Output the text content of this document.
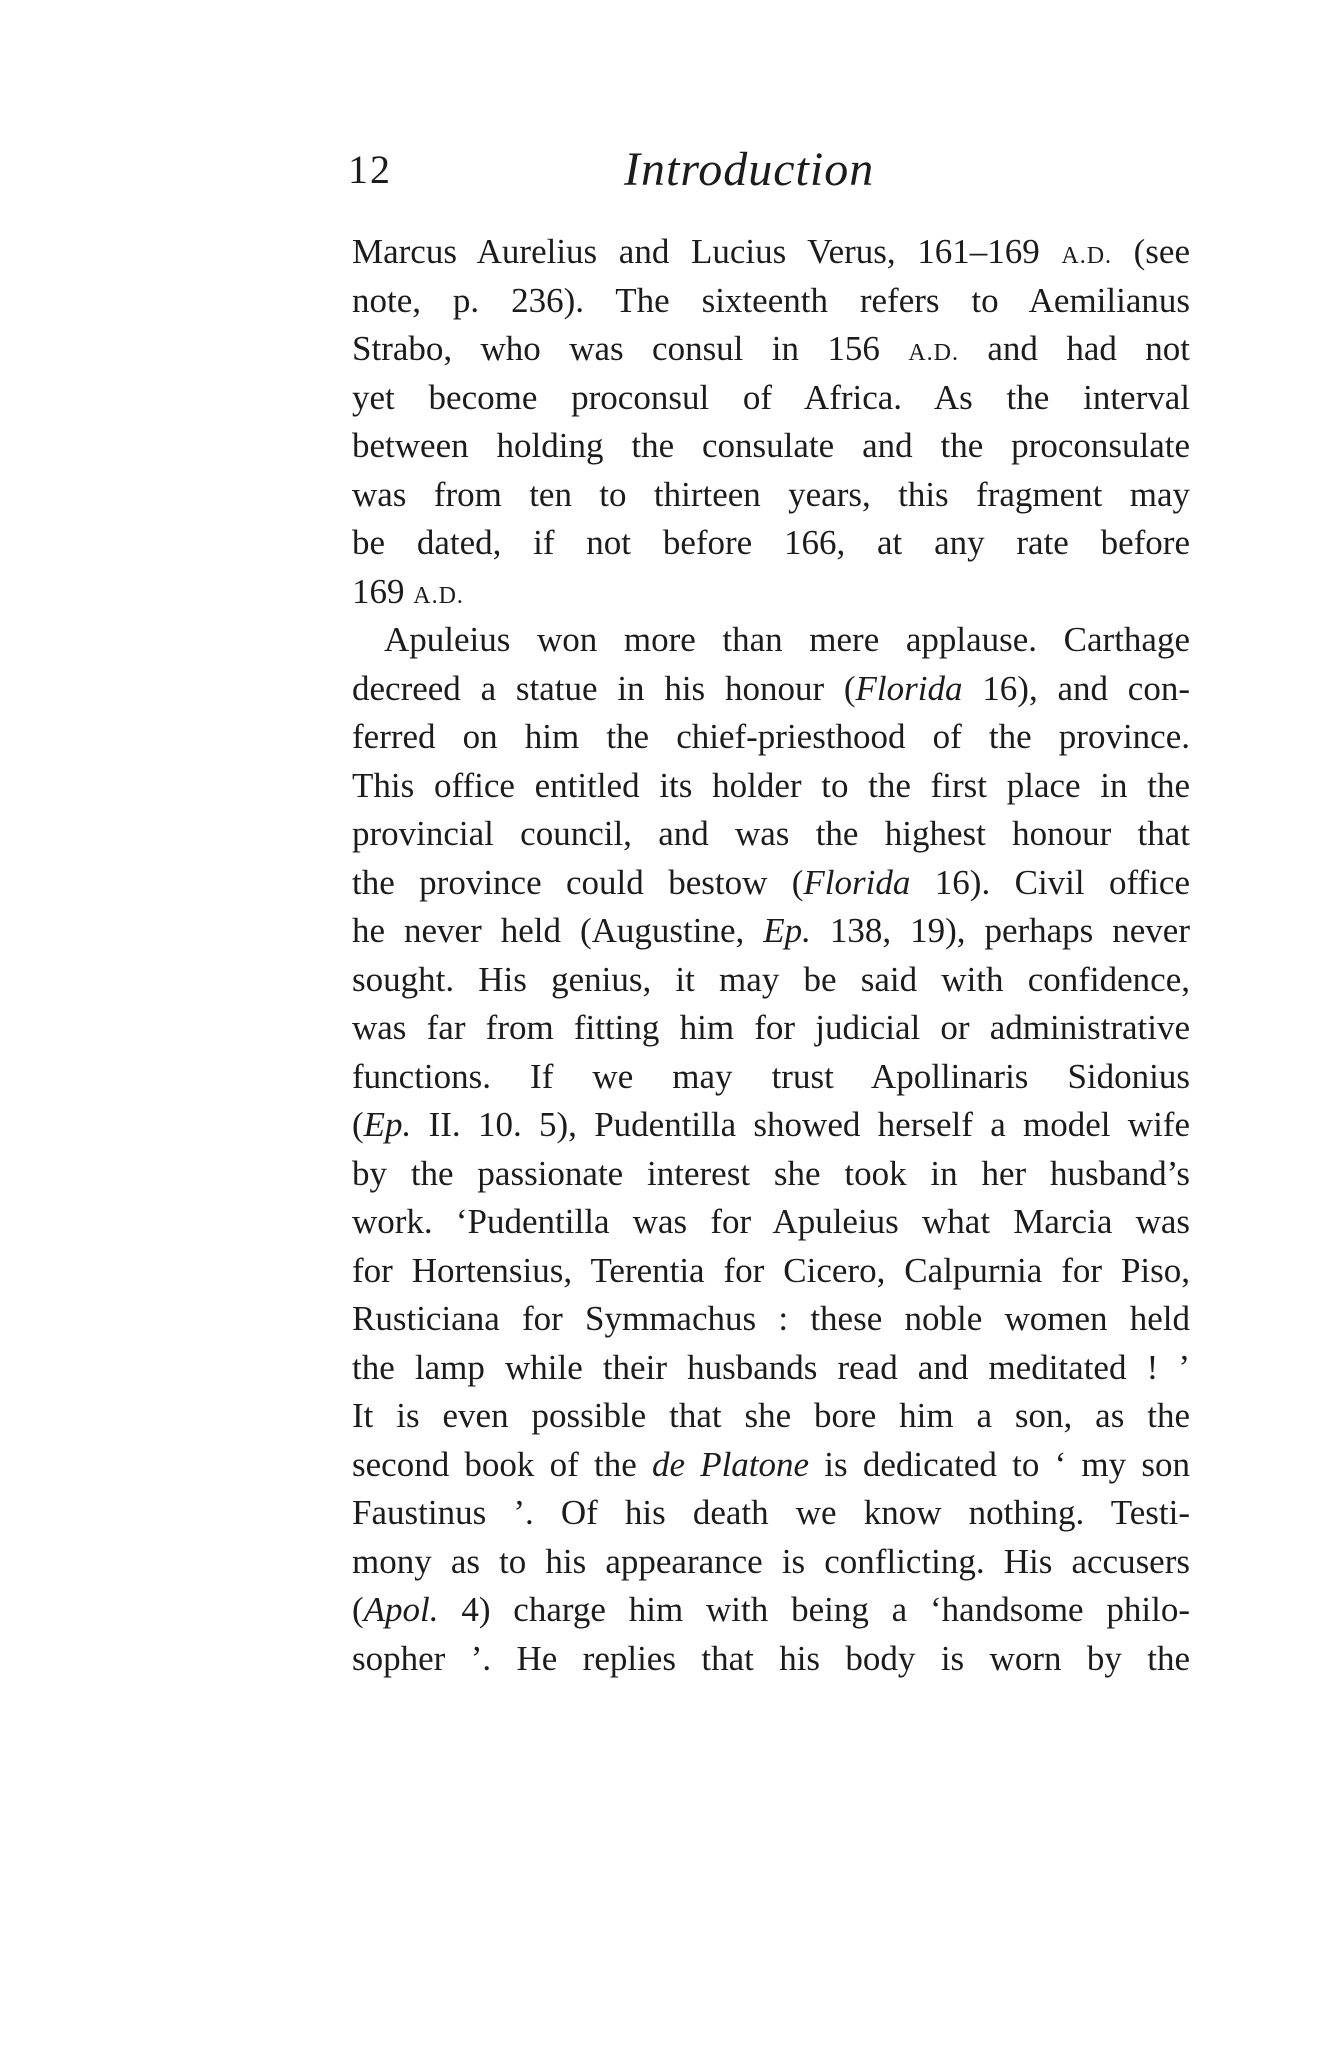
12	Introduction
Marcus Aurelius and Lucius Verus, 161–169 A.D. (see
note, p. 236). The sixteenth refers to Aemilianus
Strabo, who was consul in 156 A.D. and had not
yet become proconsul of Africa. As the interval
between holding the consulate and the proconsulate
was from ten to thirteen years, this fragment may
be dated, if not before 166, at any rate before
169 A.D.
Apuleius won more than mere applause. Carthage
decreed a statue in his honour (Florida 16), and con-
ferred on him the chief-priesthood of the province.
This office entitled its holder to the first place in the
provincial council, and was the highest honour that
the province could bestow (Florida 16). Civil office
he never held (Augustine, Ep. 138, 19), perhaps never
sought. His genius, it may be said with confidence,
was far from fitting him for judicial or administrative
functions. If we may trust Apollinaris Sidonius
(Ep. II. 10. 5), Pudentilla showed herself a model wife
by the passionate interest she took in her husband’s
work. ‘Pudentilla was for Apuleius what Marcia was
for Hortensius, Terentia for Cicero, Calpurnia for Piso,
Rusticiana for Symmachus : these noble women held
the lamp while their husbands read and meditated ! ’
It is even possible that she bore him a son, as the
second book of the de Platone is dedicated to ‘ my son
Faustinus ’. Of his death we know nothing. Testi-
mony as to his appearance is conflicting. His accusers
(Apol. 4) charge him with being a ‘handsome philo-
sopher ’. He replies that his body is worn by the
